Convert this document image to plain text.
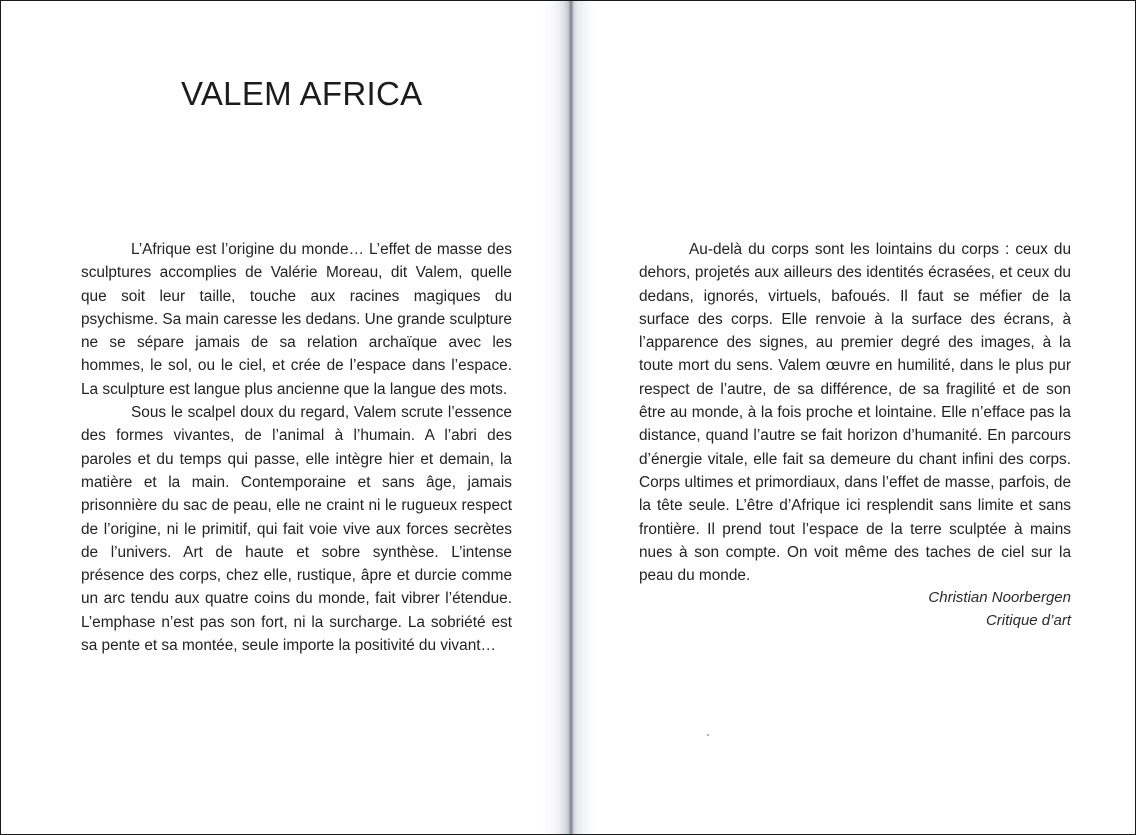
VALEM AFRICA

L’Afrique est l’origine du monde… L’effet de masse des sculptures accomplies de Valérie Moreau, dit Valem, quelle que soit leur taille, touche aux racines magiques du psychisme. Sa main caresse les dedans. Une grande sculpture ne se sépare jamais de sa relation archaïque avec les hommes, le sol, ou le ciel, et crée de l’espace dans l’espace. La sculpture est langue plus ancienne que la langue des mots.

Sous le scalpel doux du regard, Valem scrute l’essence des formes vivantes, de l’animal à l’humain. A l’abri des paroles et du temps qui passe, elle intègre hier et demain, la matière et la main. Contemporaine et sans âge, jamais prisonnière du sac de peau, elle ne craint ni le rugueux respect de l’origine, ni le primitif, qui fait voie vive aux forces secrètes de l’univers. Art de haute et sobre synthèse. L’intense présence des corps, chez elle, rustique, âpre et durcie comme un arc tendu aux quatre coins du monde, fait vibrer l’étendue. L’emphase n’est pas son fort, ni la surcharge. La sobriété est sa pente et sa montée, seule importe la positivité du vivant…

Au-delà du corps sont les lointains du corps : ceux du dehors, projetés aux ailleurs des identités écrasées, et ceux du dedans, ignorés, virtuels, bafoués. Il faut se méfier de la surface des corps. Elle renvoie à la surface des écrans, à l’apparence des signes, au premier degré des images, à la toute mort du sens. Valem œuvre en humilité, dans le plus pur respect de l’autre, de sa différence, de sa fragilité et de son être au monde, à la fois proche et lointaine. Elle n’efface pas la distance, quand l’autre se fait horizon d’humanité. En parcours d’énergie vitale, elle fait sa demeure du chant infini des corps. Corps ultimes et primordiaux, dans l’effet de masse, parfois, de la tête seule. L’être d’Afrique ici resplendit sans limite et sans frontière. Il prend tout l’espace de la terre sculptée à mains nues à son compte. On voit même des taches de ciel sur la peau du monde.

Christian Noorbergen
Critique d’art
